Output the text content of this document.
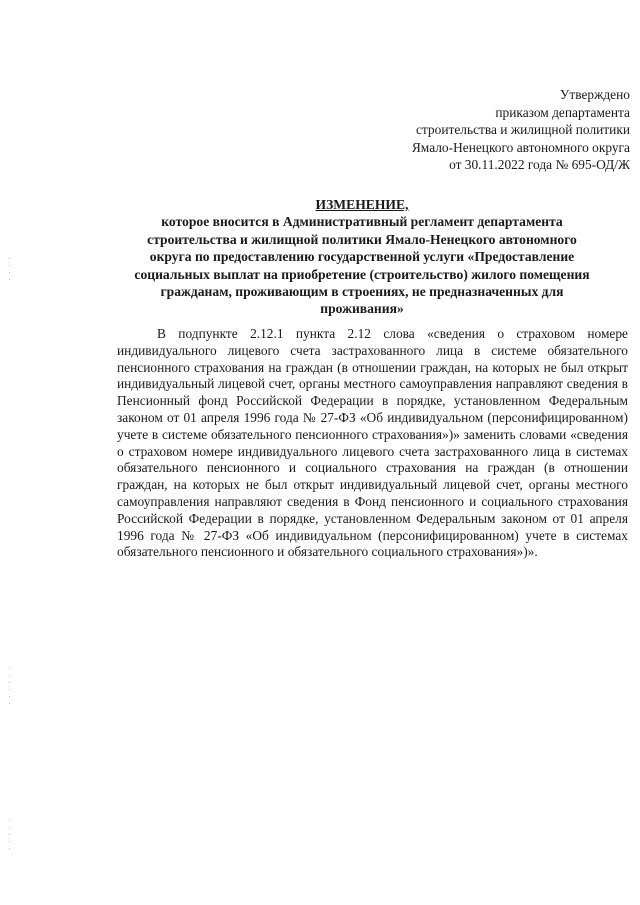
Утверждено
приказом департамента
строительства и жилищной политики
Ямало-Ненецкого автономного округа
от 30.11.2022 года № 695-ОД/Ж
ИЗМЕНЕНИЕ,
которое вносится в Административный регламент департамента
строительства и жилищной политики Ямало-Ненецкого автономного
округа по предоставлению государственной услуги «Предоставление
социальных выплат на приобретение (строительство) жилого помещения
гражданам, проживающим в строениях, не предназначенных для
проживания»

В подпункте 2.12.1 пункта 2.12 слова «сведения о страховом номере индивидуального лицевого счета застрахованного лица в системе обязательного пенсионного страхования на граждан (в отношении граждан, на которых не был открыт индивидуальный лицевой счет, органы местного самоуправления направляют сведения в Пенсионный фонд Российской Федерации в порядке, установленном Федеральным законом от 01 апреля 1996 года № 27-ФЗ «Об индивидуальном (персонифицированном) учете в системе обязательного пенсионного страхования»)» заменить словами «сведения о страховом номере индивидуального лицевого счета застрахованного лица в системах обязательного пенсионного и социального страхования на граждан (в отношении граждан, на которых не был открыт индивидуальный лицевой счет, органы местного самоуправления направляют сведения в Фонд пенсионного и социального страхования Российской Федерации в порядке, установленном Федеральным законом от 01 апреля 1996 года № 27-ФЗ «Об индивидуальном (персонифицированном) учете в системах обязательного пенсионного и обязательного социального страхования»)».
